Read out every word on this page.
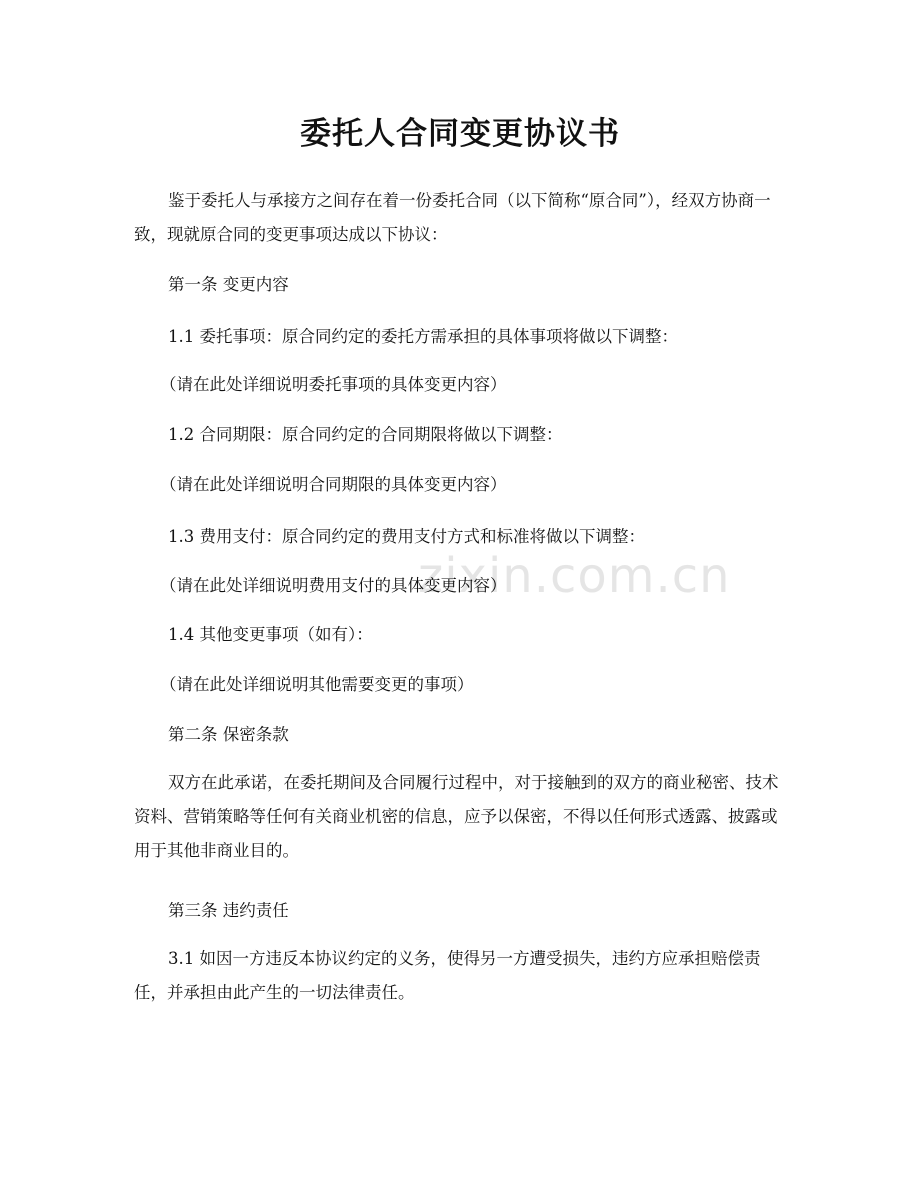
委托人合同变更协议书

鉴于委托人与承接方之间存在着一份委托合同（以下简称“原合同”），经双方协商一致，现就原合同的变更事项达成以下协议：

第一条 变更内容

1.1 委托事项：原合同约定的委托方需承担的具体事项将做以下调整：

（请在此处详细说明委托事项的具体变更内容）

1.2 合同期限：原合同约定的合同期限将做以下调整：

（请在此处详细说明合同期限的具体变更内容）

1.3 费用支付：原合同约定的费用支付方式和标准将做以下调整：

（请在此处详细说明费用支付的具体变更内容）

1.4 其他变更事项（如有）：

（请在此处详细说明其他需要变更的事项）

第二条 保密条款

双方在此承诺，在委托期间及合同履行过程中，对于接触到的双方的商业秘密、技术资料、营销策略等任何有关商业机密的信息，应予以保密，不得以任何形式透露、披露或用于其他非商业目的。

第三条 违约责任

3.1 如因一方违反本协议约定的义务，使得另一方遭受损失，违约方应承担赔偿责任，并承担由此产生的一切法律责任。

zixin.com.cn
